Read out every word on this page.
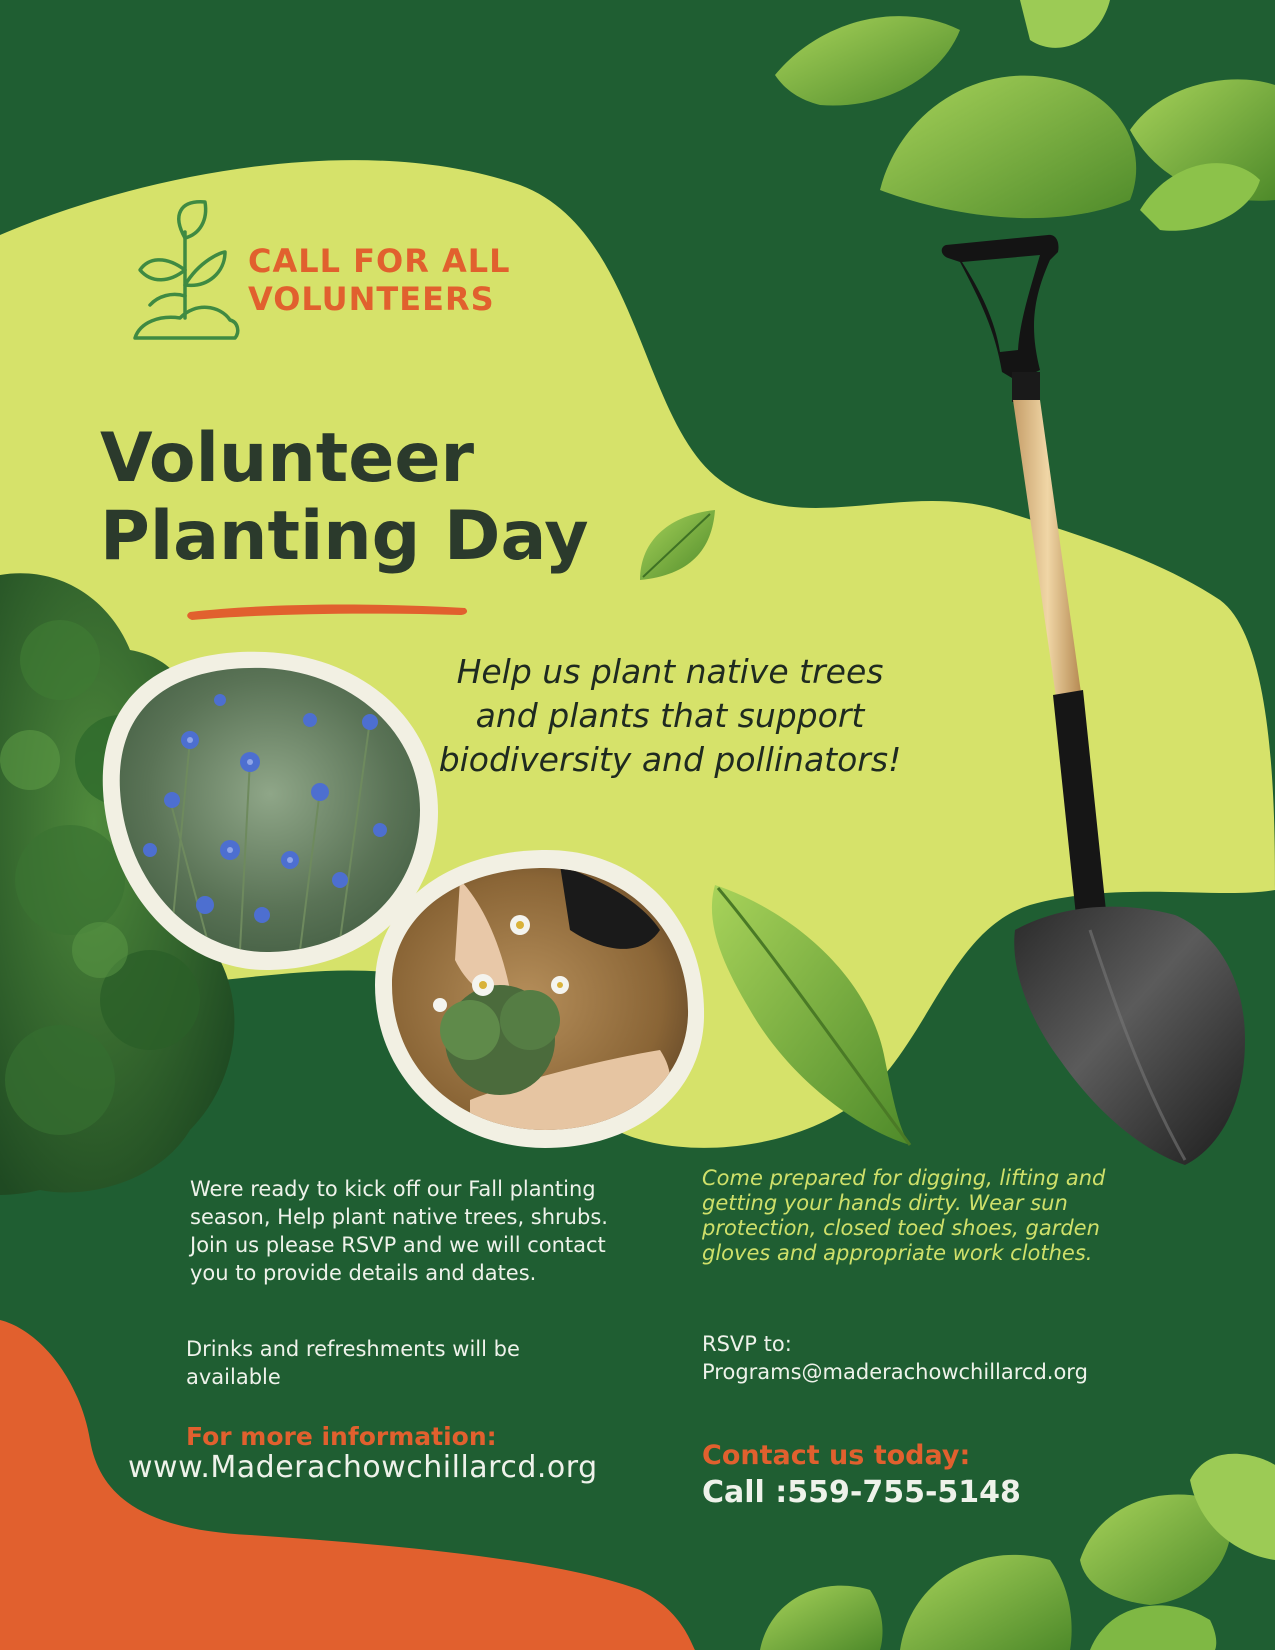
CALL FOR ALL
VOLUNTEERS
Volunteer
Planting Day
Help us plant native trees
and plants that support
biodiversity and pollinators!
Were ready to kick off our Fall planting
season, Help plant native trees, shrubs.
Join us please RSVP and we will contact
you to provide details and dates.
Come prepared for digging, lifting and
getting your hands dirty. Wear sun
protection, closed toed shoes, garden
gloves and appropriate work clothes.
Drinks and refreshments will be
available
RSVP to:
Programs@maderachowchillarcd.org
For more information:
www.Maderachowchillarcd.org	Contact us today:
Call :559-755-5148
